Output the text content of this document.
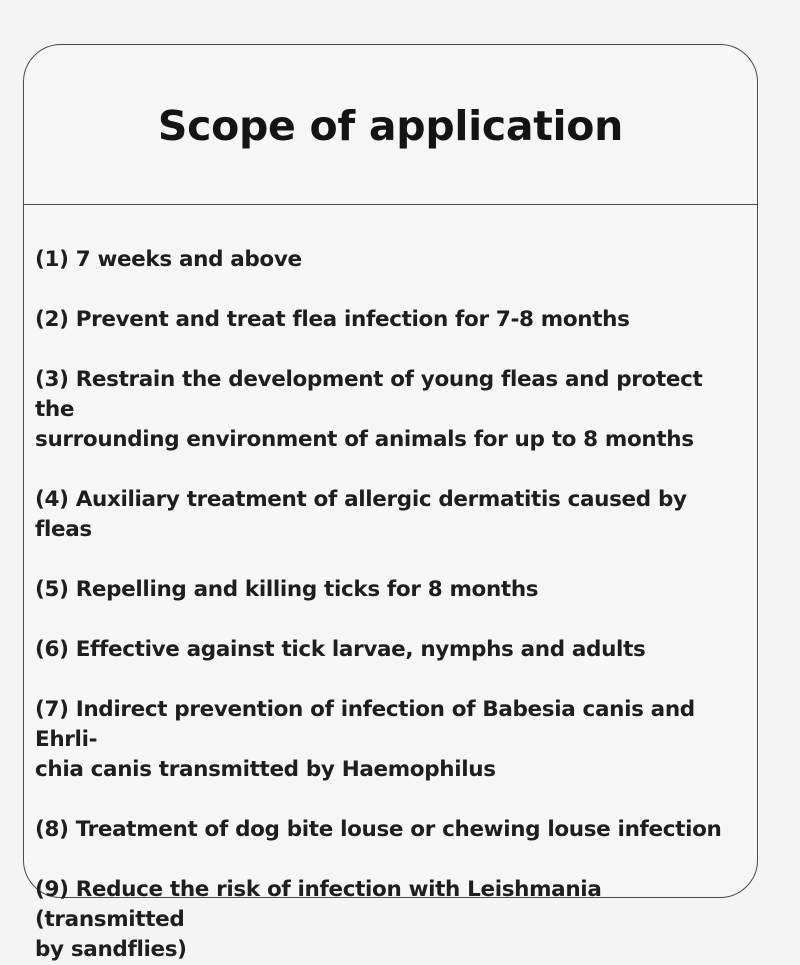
Scope of application
(1) 7 weeks and above
(2) Prevent and treat flea infection for 7-8 months
(3) Restrain the development of young fleas and protect the
surrounding environment of animals for up to 8 months
(4) Auxiliary treatment of allergic dermatitis caused by fleas
(5) Repelling and killing ticks for 8 months
(6) Effective against tick larvae, nymphs and adults
(7) Indirect prevention of infection of Babesia canis and Ehrli-
chia canis transmitted by Haemophilus
(8) Treatment of dog bite louse or chewing louse infection
(9) Reduce the risk of infection with Leishmania (transmitted
by sandflies)
